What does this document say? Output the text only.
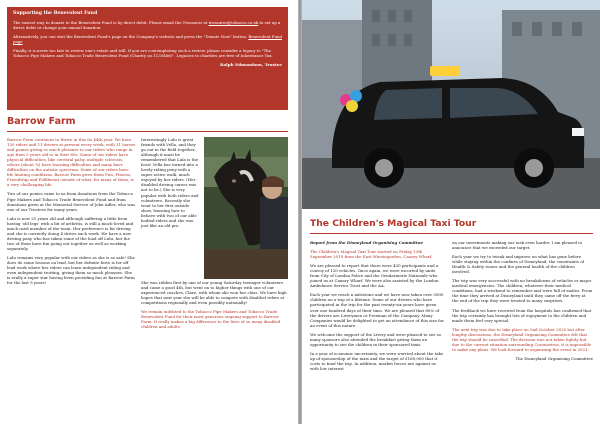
Supporting the Benevolent Fund

The easiest way to donate to the Benevolent Fund is by direct debit. Please email the Treasurer at treasurer@tobacco.co.uk to set up a direct debit or change your annual donation.

Alternatively, you can visit the Benevolent Fund's page on the Company's website and press the "Donate Now" button. Benevolent Fund page

Finally, it is never too late to review one's estate and will. If you are contemplating such a review, please consider a legacy to "The Tobacco Pipe Makers and Tobacco Trade Benevolent Fund (Charity no.1135466)". Legacies to charities are free of Inheritance Tax.

Ralph Edmondson, Trustee

Barrow Farm

Barrow Farm continues to thrive in this its 44th year. We have 130 riders and 11 drivers at present every week, with 11 horses and ponies giving so much pleasure to our riders who range in age from 5 years old to in their 60s. Some of our riders have physical difficulties, like cerebral palsy, multiple sclerosis, others (about ¾) have learning difficulties and many have difficulties on the autistic spectrum. Some of our riders have life limiting conditions. Barrow Farm gives them Fun, Fitness, Friendship and Fulfilment outside of what, for many of them, is a very challenging life.

Two of our ponies came to us from donations from the Tobacco Pipe Makers and Tobacco Trade Benevolent Fund and from donations given at the Memorial Service of John Adler, who was one of our Trustees for many years.

Lulu is now 21 years old and although suffering a little from having 'old legs' with a bit of arthritis, is still a much-loved and much used member of the team. Her preference is for driving and she is currently doing 4 drives each week. We have a new driving pony who has taken some of the load off Lulu, but the two of them have fun going out together as well as working separately.

Lulu remains very popular with our riders as she is so safe! She does do some lessons on lead, but her definite forte is for off lead work where her riders can learn independent riding and even independent trotting, giving them so much pleasure. She is really a super star having been providing fun at Barrow Farm for the last 9 years!

Interestingly Lulu is great friends with Vella, and they go out in the field together, although it must be remembered that Lula is the boss! Vella has turned into a lovely riding pony with a super active walk, much enjoyed by her riders. (Her disabled driving career was not to be.) She is very popular with both riders and volunteers. Recently she went to her first outside show, learning how to behave with two of our able bodied riders and she was just like an old pro.

She was ridden first by one of our young Saturday teenager volunteers and came a good 4th, but went on to higher things with one of our experienced coaches, Clare, with whom she won her class. We have high hopes that next year she will be able to compete with disabled riders at competitions regionally and even possibly nationally!

We remain indebted to the Tobacco Pipe Makers and Tobacco Trade Benevolent Fund for their most generous ongoing support to Barrow Farm. It really makes a big difference to the lives of so many disabled children and adults.

The Children's Magical Taxi Tour

Report from the Disneyland Organising Committee

The Children's Magical Taxi Tour started on Friday 13th September 2019 from the East Winstogarden, Canary Wharf.

We are pleased to report that there were 420 participants and a convoy of 120 vehicles. Once again, we were escorted by units from City of London Police and the Gendarmerie Nationale who joined us at Canary Wharf. We were also assisted by the London Ambulance Service Trust and the AA.

Each year we reach a milestone and we have now taken over 5000 children on a trip of a lifetime. Some of our drivers who have participated in the trip for the past twenty-six years have given over one hundred days of their time. We are pleased that 80% of the drivers are Liverymen or Freeman of the Company. Many Companies would be delighted to get an attendance of this size for an event of this nature.

We welcome the support of the Livery and were pleased to see so many sponsors also attended the breakfast giving them an opportunity to see the children in their sponsored taxis.

In a year of economic uncertainty, we were worried about the take up of sponsorship of the taxis and the target of £160,000 that it costs to fund the trip. In addition, market forces are against us with low interest

on our investments making our task even harder. I am pleased to announce that we exceeded our target.

Each year we try to tweak and improve on what has gone before while staying within the confines of Disneyland, the constraints of Health & Safety issues and the general health of the children involved.

The trip was very successful with no breakdowns of vehicles or major medical emergencies. The children, whatever their medical conditions, had a weekend to remember and were full of smiles. From the time they arrived at Disneyland until they came off the ferry at the end of the trip they were treated to many surprises.

The feedback we have received from the hospitals has confirmed that the trip certainly has brought lots of enjoyment to the children and made them feel very special.

The next trip was due to take place on 2nd October 2020 but after lengthy discussions, the Disneyland Organising Committee felt that the trip should be cancelled. The decision was not taken lightly but due to the current situation surrounding Coronavirus, it is impossible to make any plans. We look forward to organising the event in 2021.

The Disneyland Organising Committee
